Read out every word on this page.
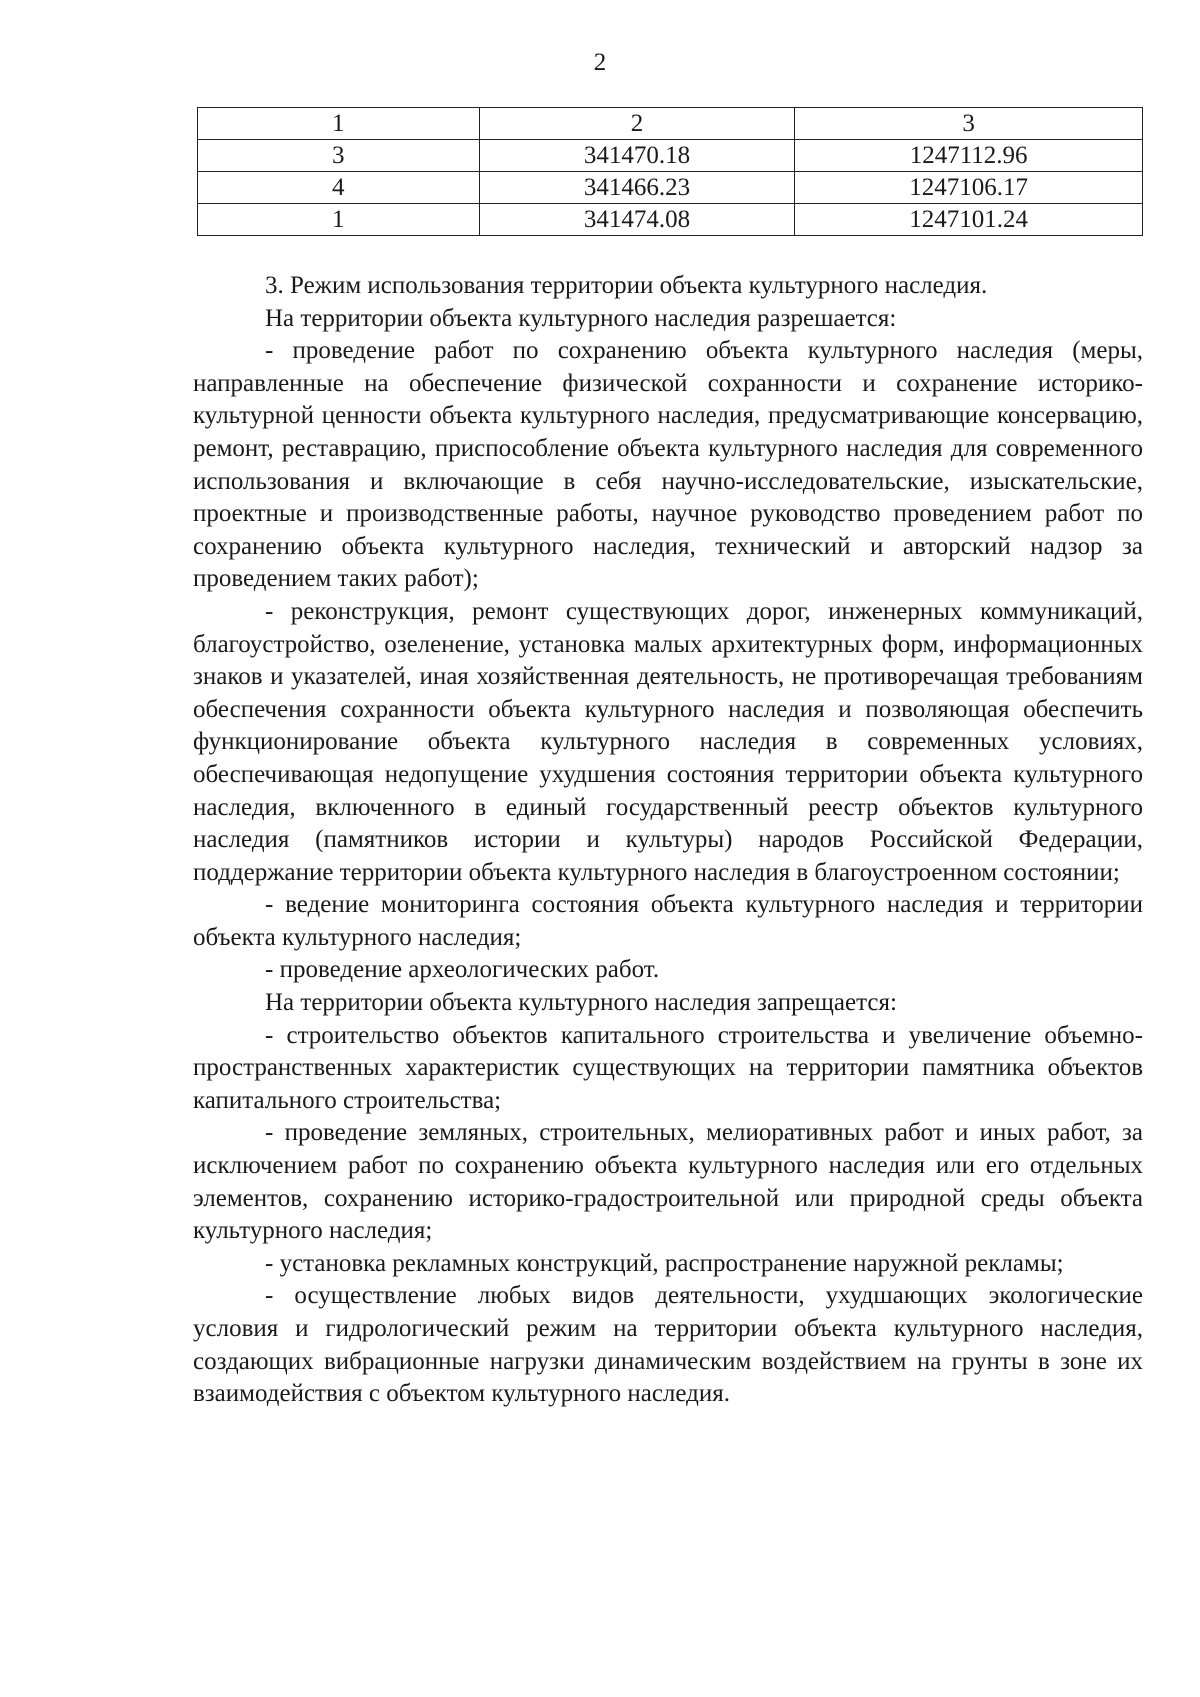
2
1	2	3
3	341470.18	1247112.96
4	341466.23	1247106.17
1	341474.08	1247101.24

3. Режим использования территории объекта культурного наследия.

На территории объекта культурного наследия разрешается:

- проведение работ по сохранению объекта культурного наследия (меры, направленные на обеспечение физической сохранности и сохранение историко-культурной ценности объекта культурного наследия, предусматривающие консервацию, ремонт, реставрацию, приспособление объекта культурного наследия для современного использования и включающие в себя научно-исследовательские, изыскательские, проектные и производственные работы, научное руководство проведением работ по сохранению объекта культурного наследия, технический и авторский надзор за проведением таких работ);

- реконструкция, ремонт существующих дорог, инженерных коммуникаций, благоустройство, озеленение, установка малых архитектурных форм, информационных знаков и указателей, иная хозяйственная деятельность, не противоречащая требованиям обеспечения сохранности объекта культурного наследия и позволяющая обеспечить функционирование объекта культурного наследия в современных условиях, обеспечивающая недопущение ухудшения состояния территории объекта культурного наследия, включенного в единый государственный реестр объектов культурного наследия (памятников истории и культуры) народов Российской Федерации, поддержание территории объекта культурного наследия в благоустроенном состоянии;

- ведение мониторинга состояния объекта культурного наследия и территории объекта культурного наследия;

- проведение археологических работ.

На территории объекта культурного наследия запрещается:

- строительство объектов капитального строительства и увеличение объемно-пространственных характеристик существующих на территории памятника объектов капитального строительства;

- проведение земляных, строительных, мелиоративных работ и иных работ, за исключением работ по сохранению объекта культурного наследия или его отдельных элементов, сохранению историко-градостроительной или природной среды объекта культурного наследия;

- установка рекламных конструкций, распространение наружной рекламы;

- осуществление любых видов деятельности, ухудшающих экологические условия и гидрологический режим на территории объекта культурного наследия, создающих вибрационные нагрузки динамическим воздействием на грунты в зоне их взаимодействия с объектом культурного наследия.
